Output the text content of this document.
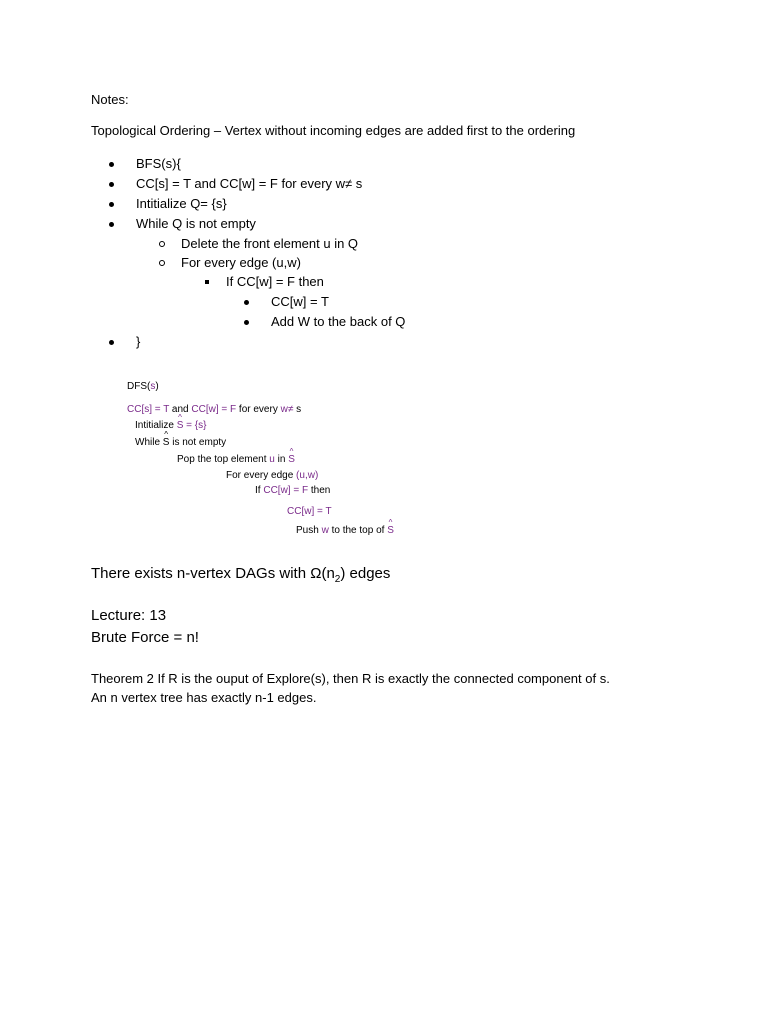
Notes:
Topological Ordering – Vertex without incoming edges are added first to the ordering
BFS(s){
CC[s] = T and CC[w] = F for every w≠ s
Intitialize Q= {s}
While Q is not empty
Delete the front element u in Q
For every edge (u,w)
If CC[w] = F then
CC[w] = T
Add W to the back of Q
}
DFS(s)
CC[s] = T and CC[w] = F for every w≠ s
Intitialize ^ S = {s}
While ^ S is not empty
Pop the top element u in ^ S
For every edge (u,w)
If CC[w] = F then
CC[w] = T
Push w to the top of ^ S
There exists n-vertex DAGs with $\Omega(n_2)$ edges
Lecture: 13
Brute Force = n!
Theorem 2 If R is the ouput of Explore(s), then R is exactly the connected component of s.
An n vertex tree has exactly n-1 edges.
